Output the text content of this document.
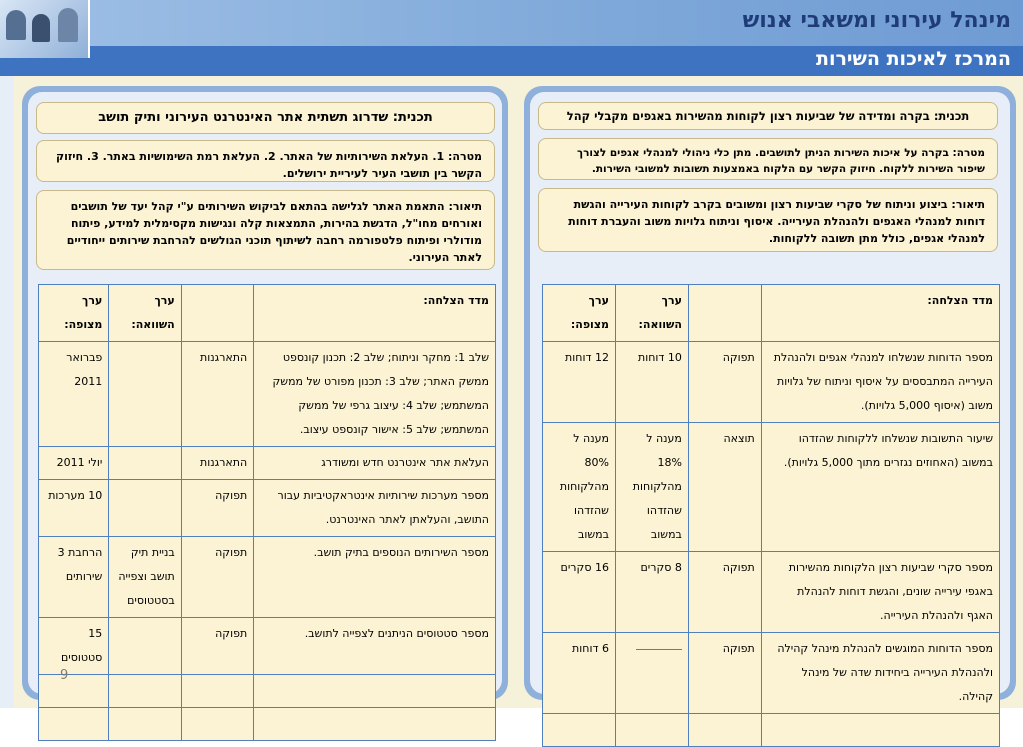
מינהל עירוני ומשאבי אנוש
המרכז לאיכות השירות
תכנית: שדרוג תשתית אתר האינטרנט העירוני ותיק תושב
מטרה: 1. העלאת השירותיות של האתר. 2. העלאת רמת השימושיות באתר. 3. חיזוק הקשר בין תושבי העיר לעיריית ירושלים.
תיאור: התאמת האתר לגלישה בהתאם לביקוש השירותים ע"י קהל יעד של תושבים ואורחים מחו"ל, הדגשת בהירות, התמצאות קלה ונגישות מקסימלית למידע, פיתוח מודולרי ופיתוח פלטפורמה רחבה לשיתוף תוכני הגולשים להרחבת שירותים ייחודיים לאתר העירוני.
מדד הצלחה:		ערך השוואה:	ערך מצופה:
שלב 1: מחקר וניתוח; שלב 2: תכנון קונספט ממשק האתר; שלב 3: תכנון מפורט של ממשק המשתמש; שלב 4: עיצוב גרפי של ממשק המשתמש; שלב 5: אישור קונספט עיצוב.	התארגנות		פברואר 2011
העלאת אתר אינטרנט חדש ומשודרג	התארגנות		יולי 2011
מספר מערכות שירותיות אינטראקטיביות עבור התושב, והעלאתן לאתר האינטרנט.	תפוקה		10 מערכות
מספר השירותים הנוספים בתיק תושב.	תפוקה	בניית תיק תושב וצפייה בסטטוסים	הרחבת 3 שירותים
מספר סטטוסים הניתנים לצפייה לתושב.	תפוקה		15 סטטוסים

9
תכנית: בקרה ומדידה של שביעות רצון לקוחות מהשירות באגפים מקבלי קהל
מטרה: בקרה על איכות השירות הניתן לתושבים. מתן כלי ניהולי למנהלי אגפים לצורך שיפור השירות ללקוח. חיזוק הקשר עם הלקוח באמצעות תשובות למשובי השירות.
תיאור: ביצוע וניתוח של סקרי שביעות רצון ומשובים בקרב לקוחות העירייה והגשת דוחות למנהלי האגפים ולהנהלת העירייה. איסוף וניתוח גלויות משוב והעברת דוחות למנהלי אגפים, כולל מתן תשובה ללקוחות.
מדד הצלחה:		ערך השוואה:	ערך מצופה:
מספר הדוחות שנשלחו למנהלי אגפים ולהנהלת העירייה המתבססים על איסוף וניתוח של גלויות משוב (איסוף 5,000 גלויות).	תפוקה	10 דוחות	12 דוחות
שיעור התשובות שנשלחו ללקוחות שהזדהו במשוב (האחוזים נגזרים מתוך 5,000 גלויות).	תוצאה	מענה ל 18% מהלקוחות שהזדהו במשוב	מענה ל 80% מהלקוחות שהזדהו במשוב
מספר סקרי שביעות רצון הלקוחות מהשירות באגפי עירייה שונים, והגשת דוחות להנהלת האגף ולהנהלת העירייה.	תפוקה	8 סקרים	16 סקרים
מספר הדוחות המוגשים להנהלת מינהל קהילה ולהנהלת העירייה ביחידות שדה של מינהל קהילה.	תפוקה		6 דוחות
